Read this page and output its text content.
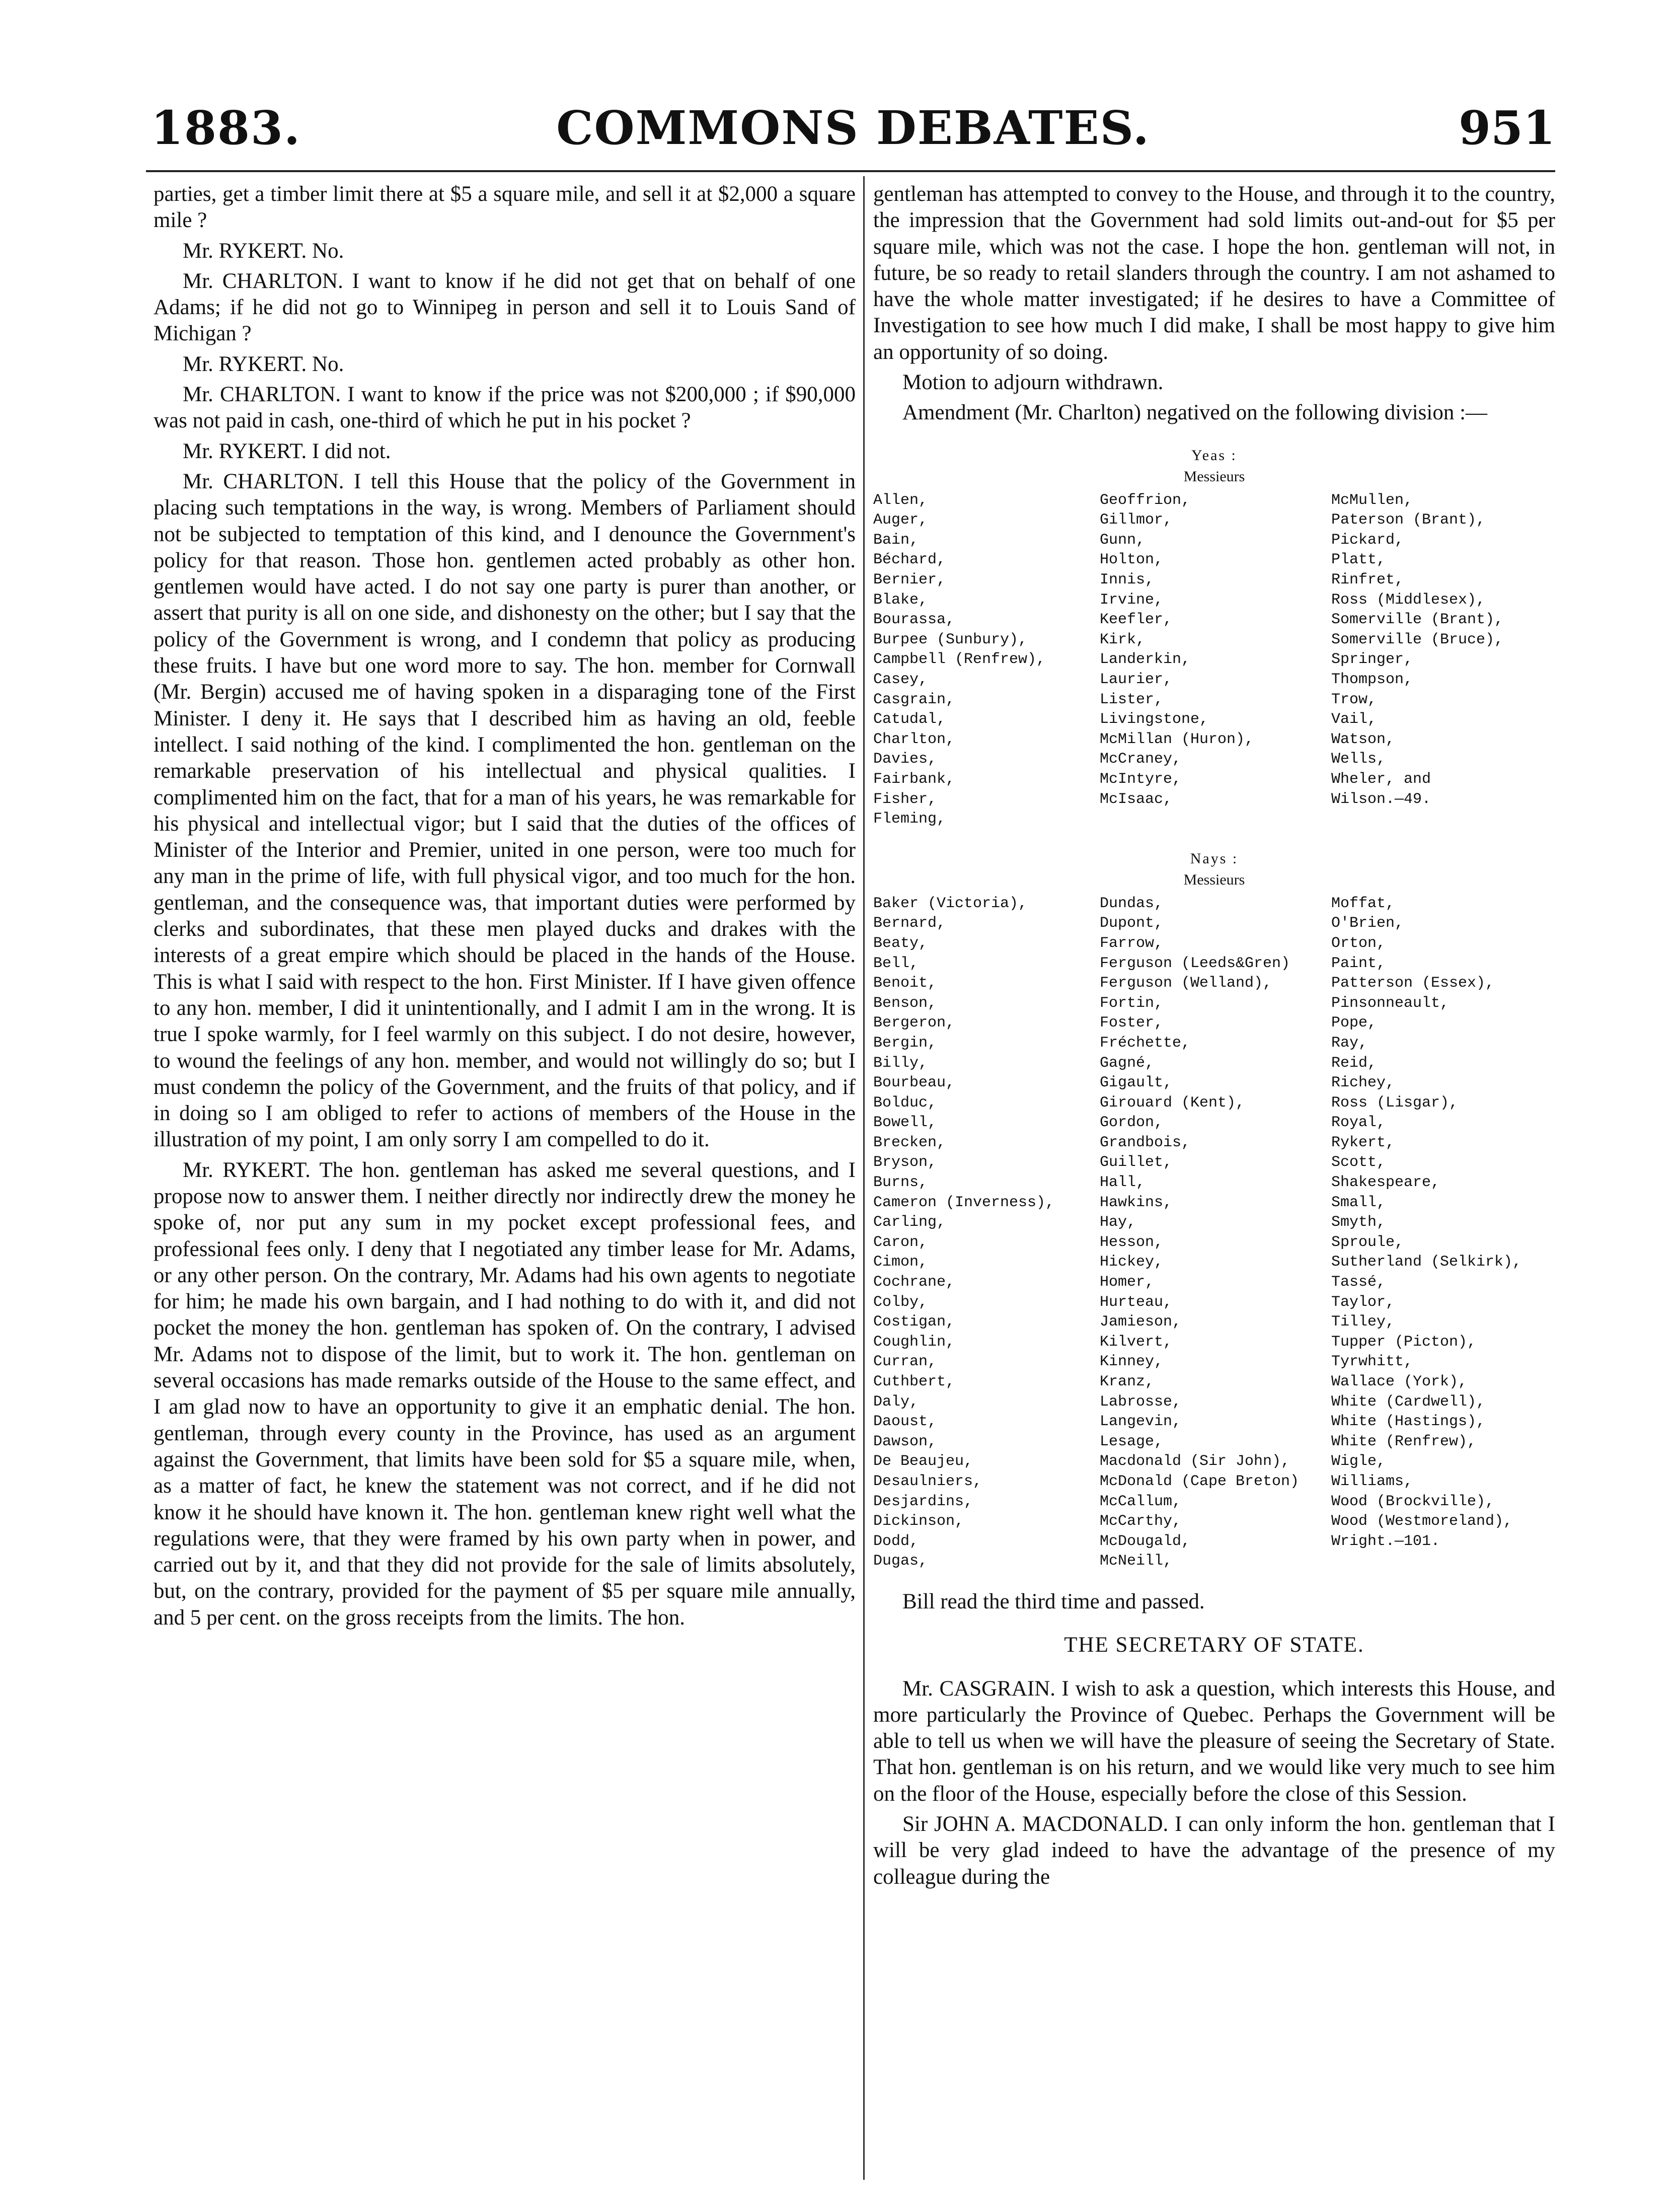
1883.	COMMONS DEBATES.	951

parties, get a timber limit there at $5 a square mile, and sell it at $2,000 a square mile ?

Mr. RYKERT. No.

Mr. CHARLTON. I want to know if he did not get that on behalf of one Adams; if he did not go to Winnipeg in person and sell it to Louis Sand of Michigan ?

Mr. RYKERT. No.

Mr. CHARLTON. I want to know if the price was not $200,000 ; if $90,000 was not paid in cash, one-third of which he put in his pocket ?

Mr. RYKERT. I did not.

Mr. CHARLTON. I tell this House that the policy of the Government in placing such temptations in the way, is wrong. Members of Parliament should not be subjected to temptation of this kind, and I denounce the Government's policy for that reason. Those hon. gentlemen acted probably as other hon. gentlemen would have acted. I do not say one party is purer than another, or assert that purity is all on one side, and dishonesty on the other; but I say that the policy of the Government is wrong, and I condemn that policy as producing these fruits. I have but one word more to say. The hon. member for Cornwall (Mr. Bergin) accused me of having spoken in a disparaging tone of the First Minister. I deny it. He says that I described him as having an old, feeble intellect. I said nothing of the kind. I complimented the hon. gentleman on the remarkable preservation of his intellectual and physical qualities. I complimented him on the fact, that for a man of his years, he was remarkable for his physical and intellectual vigor; but I said that the duties of the offices of Minister of the Interior and Premier, united in one person, were too much for any man in the prime of life, with full physical vigor, and too much for the hon. gentleman, and the consequence was, that important duties were performed by clerks and subordinates, that these men played ducks and drakes with the interests of a great empire which should be placed in the hands of the House. This is what I said with respect to the hon. First Minister. If I have given offence to any hon. member, I did it unintentionally, and I admit I am in the wrong. It is true I spoke warmly, for I feel warmly on this subject. I do not desire, however, to wound the feelings of any hon. member, and would not willingly do so; but I must condemn the policy of the Government, and the fruits of that policy, and if in doing so I am obliged to refer to actions of members of the House in the illustration of my point, I am only sorry I am compelled to do it.

Mr. RYKERT. The hon. gentleman has asked me several questions, and I propose now to answer them. I neither directly nor indirectly drew the money he spoke of, nor put any sum in my pocket except professional fees, and professional fees only. I deny that I negotiated any timber lease for Mr. Adams, or any other person. On the contrary, Mr. Adams had his own agents to negotiate for him; he made his own bargain, and I had nothing to do with it, and did not pocket the money the hon. gentleman has spoken of. On the contrary, I advised Mr. Adams not to dispose of the limit, but to work it. The hon. gentleman on several occasions has made remarks outside of the House to the same effect, and I am glad now to have an opportunity to give it an emphatic denial. The hon. gentleman, through every county in the Province, has used as an argument against the Government, that limits have been sold for $5 a square mile, when, as a matter of fact, he knew the statement was not correct, and if he did not know it he should have known it. The hon. gentleman knew right well what the regulations were, that they were framed by his own party when in power, and carried out by it, and that they did not provide for the sale of limits absolutely, but, on the contrary, provided for the payment of $5 per square mile annually, and 5 per cent. on the gross receipts from the limits. The hon.

gentleman has attempted to convey to the House, and through it to the country, the impression that the Government had sold limits out-and-out for $5 per square mile, which was not the case. I hope the hon. gentleman will not, in future, be so ready to retail slanders through the country. I am not ashamed to have the whole matter investigated; if he desires to have a Committee of Investigation to see how much I did make, I shall be most happy to give him an opportunity of so doing.

Motion to adjourn withdrawn.

Amendment (Mr. Charlton) negatived on the following division :—

Yeas :
Messieurs
Allen,
Auger,
Bain,
Béchard,
Bernier,
Blake,
Bourassa,
Burpee (Sunbury),
Campbell (Renfrew),
Casey,
Casgrain,
Catudal,
Charlton,
Davies,
Fairbank,
Fisher,
Fleming,
Geoffrion,
Gillmor,
Gunn,
Holton,
Innis,
Irvine,
Keefler,
Kirk,
Landerkin,
Laurier,
Lister,
Livingstone,
McMillan (Huron),
McCraney,
McIntyre,
McIsaac,
McMullen,
Paterson (Brant),
Pickard,
Platt,
Rinfret,
Ross (Middlesex),
Somerville (Brant),
Somerville (Bruce),
Springer,
Thompson,
Trow,
Vail,
Watson,
Wells,
Wheler, and
Wilson.—49.
Nays :
Messieurs
Baker (Victoria),
Bernard,
Beaty,
Bell,
Benoit,
Benson,
Bergeron,
Bergin,
Billy,
Bourbeau,
Bolduc,
Bowell,
Brecken,
Bryson,
Burns,
Cameron (Inverness),
Carling,
Caron,
Cimon,
Cochrane,
Colby,
Costigan,
Coughlin,
Curran,
Cuthbert,
Daly,
Daoust,
Dawson,
De Beaujeu,
Desaulniers,
Desjardins,
Dickinson,
Dodd,
Dugas,
Dundas,
Dupont,
Farrow,
Ferguson (Leeds&Gren)
Ferguson (Welland),
Fortin,
Foster,
Fréchette,
Gagné,
Gigault,
Girouard (Kent),
Gordon,
Grandbois,
Guillet,
Hall,
Hawkins,
Hay,
Hesson,
Hickey,
Homer,
Hurteau,
Jamieson,
Kilvert,
Kinney,
Kranz,
Labrosse,
Langevin,
Lesage,
Macdonald (Sir John),
McDonald (Cape Breton)
McCallum,
McCarthy,
McDougald,
McNeill,
Moffat,
O'Brien,
Orton,
Paint,
Patterson (Essex),
Pinsonneault,
Pope,
Ray,
Reid,
Richey,
Ross (Lisgar),
Royal,
Rykert,
Scott,
Shakespeare,
Small,
Smyth,
Sproule,
Sutherland (Selkirk),
Tassé,
Taylor,
Tilley,
Tupper (Picton),
Tyrwhitt,
Wallace (York),
White (Cardwell),
White (Hastings),
White (Renfrew),
Wigle,
Williams,
Wood (Brockville),
Wood (Westmoreland),
Wright.—101.

Bill read the third time and passed.

THE SECRETARY OF STATE.

Mr. CASGRAIN. I wish to ask a question, which interests this House, and more particularly the Province of Quebec. Perhaps the Government will be able to tell us when we will have the pleasure of seeing the Secretary of State. That hon. gentleman is on his return, and we would like very much to see him on the floor of the House, especially before the close of this Session.

Sir JOHN A. MACDONALD. I can only inform the hon. gentleman that I will be very glad indeed to have the advantage of the presence of my colleague during the
